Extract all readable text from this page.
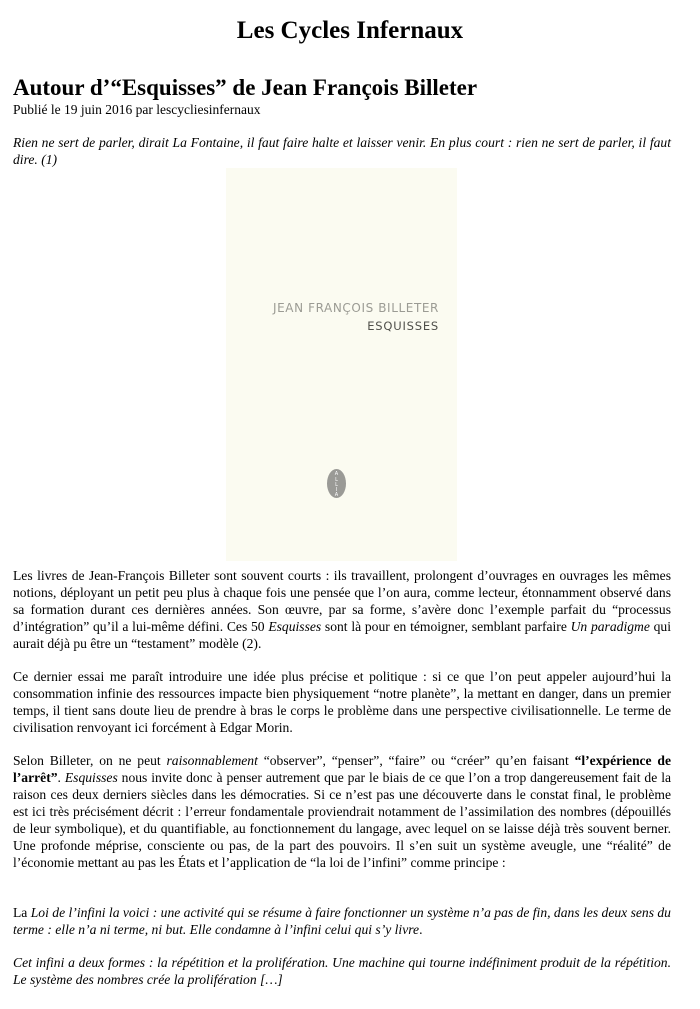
Les Cycles Infernaux
Autour d’“Esquisses” de Jean François Billeter
Publié le 19 juin 2016 par lescycliesinfernaux

Rien ne sert de parler, dirait La Fontaine, il faut faire halte et laisser venir. En plus court : rien ne sert de parler, il faut dire. (1)

JEAN FRANÇOIS BILLETER
ESQUISSES
A
L
L
I
A

Les livres de Jean-François Billeter sont souvent courts : ils travaillent, prolongent d’ouvrages en ouvrages les mêmes notions, déployant un petit peu plus à chaque fois une pensée que l’on aura, comme lecteur, étonnamment observé dans sa formation durant ces dernières années. Son œuvre, par sa forme, s’avère donc l’exemple parfait du “processus d’intégration” qu’il a lui-même défini. Ces 50 Esquisses sont là pour en témoigner, semblant parfaire Un paradigme qui aurait déjà pu être un “testament” modèle (2).

Ce dernier essai me paraît introduire une idée plus précise et politique : si ce que l’on peut appeler aujourd’hui la consommation infinie des ressources impacte bien physiquement “notre planète”, la mettant en danger, dans un premier temps, il tient sans doute lieu de prendre à bras le corps le problème dans une perspective civilisationnelle. Le terme de civilisation renvoyant ici forcément à Edgar Morin.

Selon Billeter, on ne peut raisonnablement “observer”, “penser”, “faire” ou “créer” qu’en faisant “l’expérience de l’arrêt”. Esquisses nous invite donc à penser autrement que par le biais de ce que l’on a trop dangereusement fait de la raison ces deux derniers siècles dans les démocraties. Si ce n’est pas une découverte dans le constat final, le problème est ici très précisément décrit : l’erreur fondamentale proviendrait notamment de l’assimilation des nombres (dépouillés de leur symbolique), et du quantifiable, au fonctionnement du langage, avec lequel on se laisse déjà très souvent berner. Une profonde méprise, consciente ou pas, de la part des pouvoirs. Il s’en suit un système aveugle, une “réalité” de l’économie mettant au pas les États et l’application de “la loi de l’infini” comme principe :

La Loi de l’infini la voici : une activité qui se résume à faire fonctionner un système n’a pas de fin, dans les deux sens du terme : elle n’a ni terme, ni but. Elle condamne à l’infini celui qui s’y livre.

Cet infini a deux formes : la répétition et la prolifération. Une machine qui tourne indéfiniment produit de la répétition. Le système des nombres crée la prolifération […]
